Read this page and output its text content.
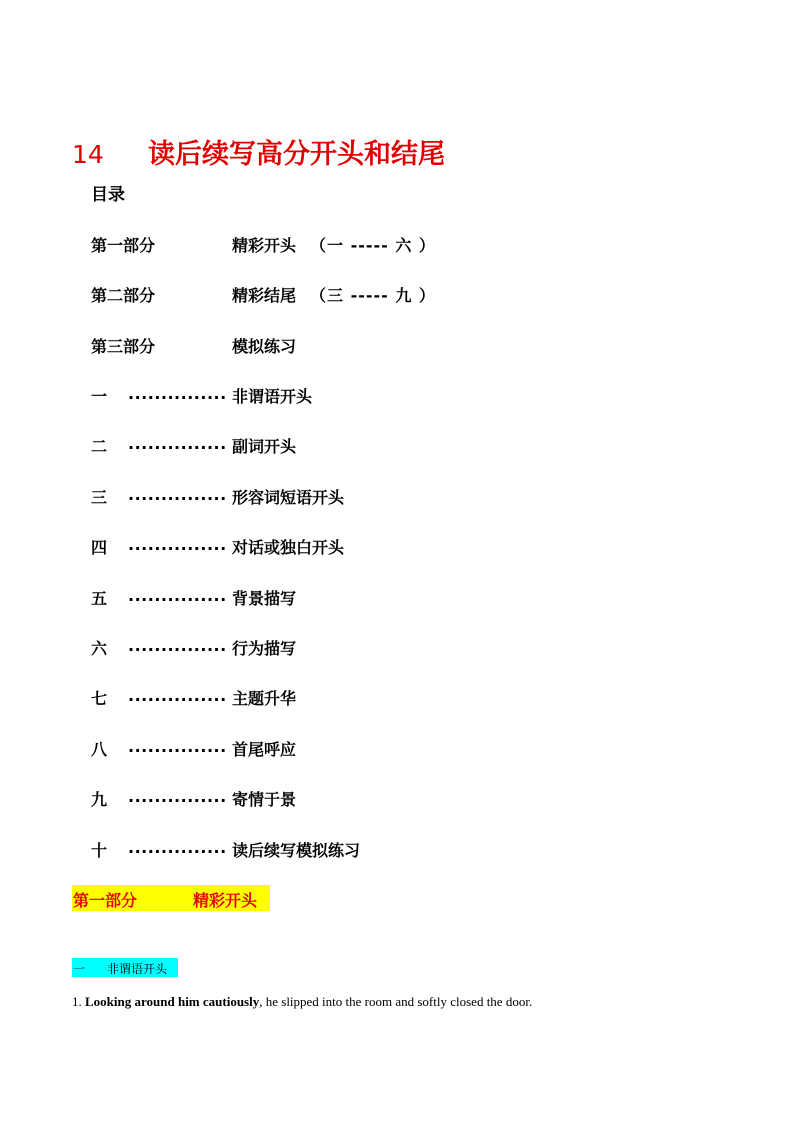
14 读后续写高分开头和结尾
目录
第一部分	精彩开头 （一 ----- 六 ）
第二部分	精彩结尾 （三 ----- 九 ）
第三部分	模拟练习
一 ............... 非谓语开头
二 ............... 副词开头
三 ............... 形容词短语开头
四 ............... 对话或独白开头
五 ............... 背景描写
六 ............... 行为描写
七 ............... 主题升华
八 ............... 首尾呼应
九 ............... 寄情于景
十 ............... 读后续写模拟练习
第一部分	精彩开头
一 非谓语开头
1. Looking around him cautiously, he slipped into the room and softly closed the door.
